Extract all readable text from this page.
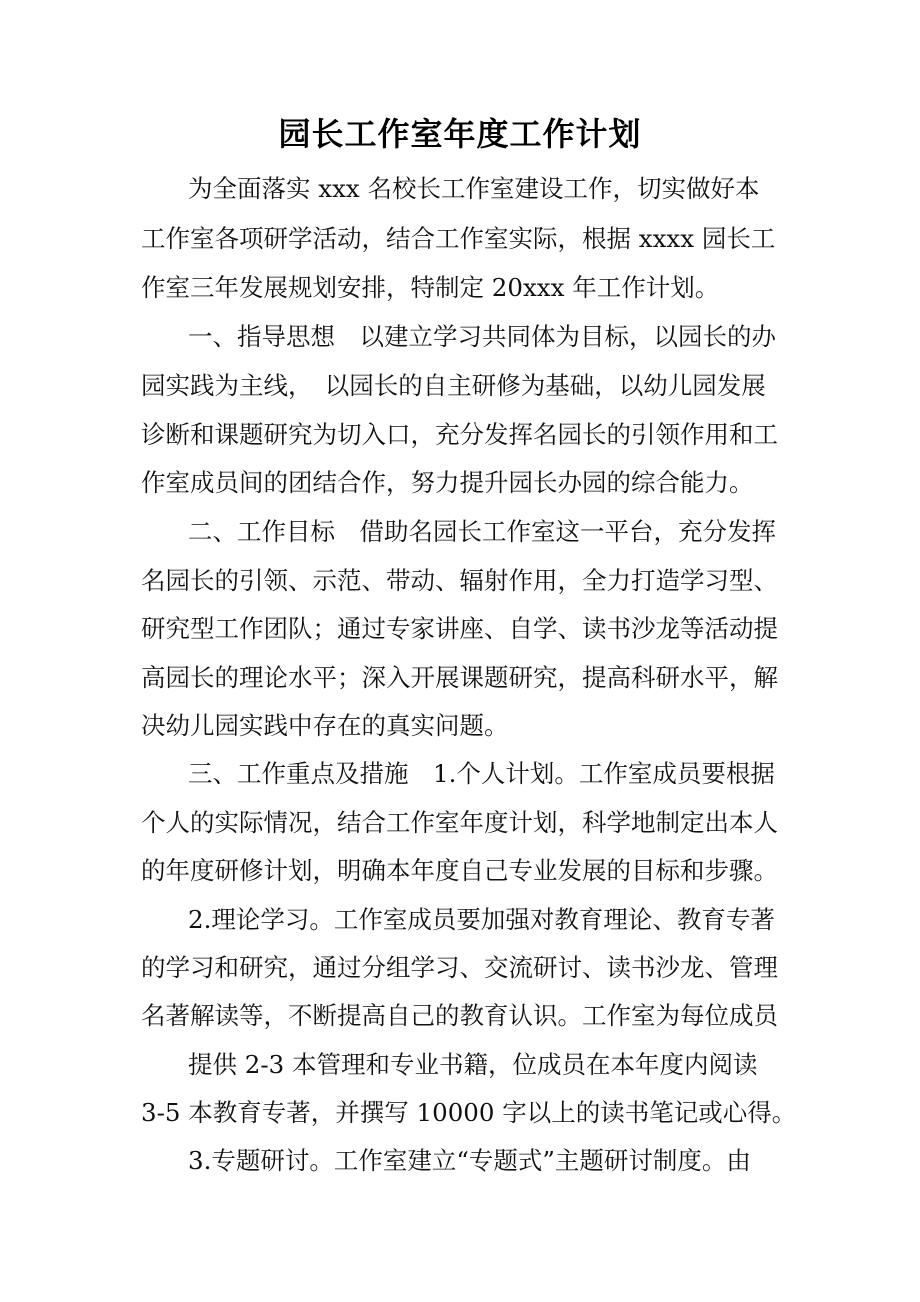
园长工作室年度工作计划
为全面落实 xxx 名校长工作室建设工作，切实做好本
工作室各项研学活动，结合工作室实际，根据 xxxx 园长工
作室三年发展规划安排，特制定 20xxx 年工作计划。
一、指导思想　以建立学习共同体为目标，以园长的办
园实践为主线，　以园长的自主研修为基础，以幼儿园发展
诊断和课题研究为切入口，充分发挥名园长的引领作用和工
作室成员间的团结合作，努力提升园长办园的综合能力。
二、工作目标　借助名园长工作室这一平台，充分发挥
名园长的引领、示范、带动、辐射作用，全力打造学习型、
研究型工作团队；通过专家讲座、自学、读书沙龙等活动提
高园长的理论水平；深入开展课题研究，提高科研水平，解
决幼儿园实践中存在的真实问题。
三、工作重点及措施　1.个人计划。工作室成员要根据
个人的实际情况，结合工作室年度计划，科学地制定出本人
的年度研修计划，明确本年度自己专业发展的目标和步骤。
2.理论学习。工作室成员要加强对教育理论、教育专著
的学习和研究，通过分组学习、交流研讨、读书沙龙、管理
名著解读等，不断提高自己的教育认识。工作室为每位成员
提供 2-3 本管理和专业书籍，位成员在本年度内阅读
3-5 本教育专著，并撰写 10000 字以上的读书笔记或心得。
3.专题研讨。工作室建立“专题式”主题研讨制度。由
